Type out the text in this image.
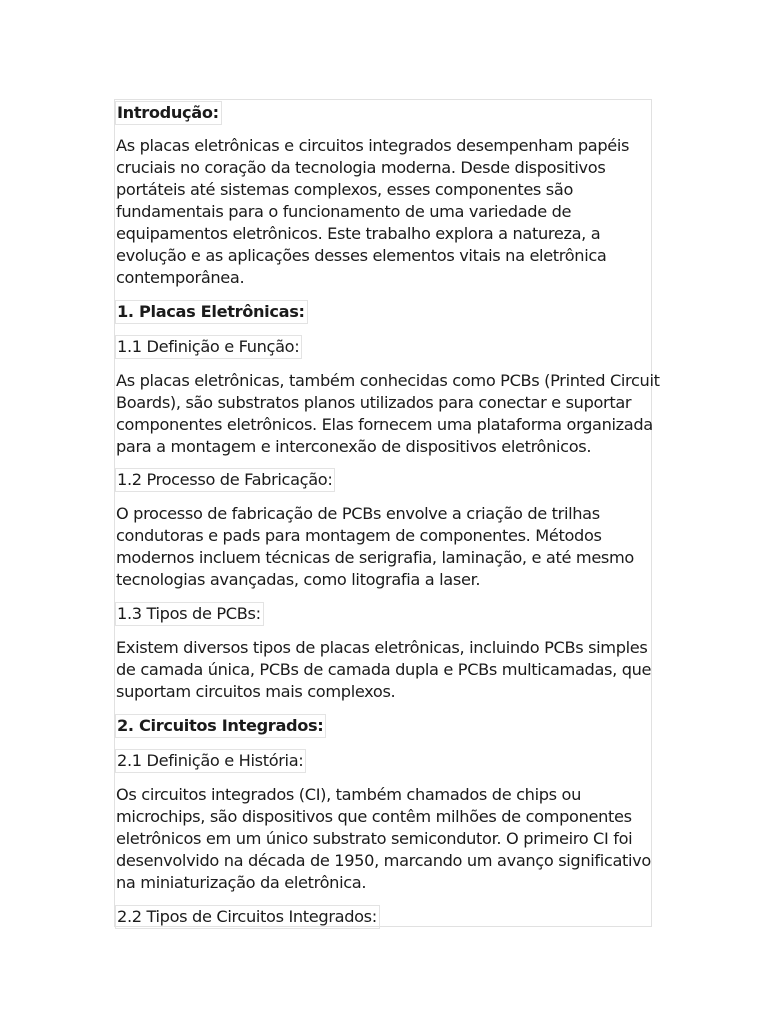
Introdução:
As placas eletrônicas e circuitos integrados desempenham papéis
cruciais no coração da tecnologia moderna. Desde dispositivos
portáteis até sistemas complexos, esses componentes são
fundamentais para o funcionamento de uma variedade de
equipamentos eletrônicos. Este trabalho explora a natureza, a
evolução e as aplicações desses elementos vitais na eletrônica
contemporânea.
1. Placas Eletrônicas:
1.1 Definição e Função:
As placas eletrônicas, também conhecidas como PCBs (Printed Circuit
Boards), são substratos planos utilizados para conectar e suportar
componentes eletrônicos. Elas fornecem uma plataforma organizada
para a montagem e interconexão de dispositivos eletrônicos.
1.2 Processo de Fabricação:
O processo de fabricação de PCBs envolve a criação de trilhas
condutoras e pads para montagem de componentes. Métodos
modernos incluem técnicas de serigrafia, laminação, e até mesmo
tecnologias avançadas, como litografia a laser.
1.3 Tipos de PCBs:
Existem diversos tipos de placas eletrônicas, incluindo PCBs simples
de camada única, PCBs de camada dupla e PCBs multicamadas, que
suportam circuitos mais complexos.
2. Circuitos Integrados:
2.1 Definição e História:
Os circuitos integrados (CI), também chamados de chips ou
microchips, são dispositivos que contêm milhões de componentes
eletrônicos em um único substrato semicondutor. O primeiro CI foi
desenvolvido na década de 1950, marcando um avanço significativo
na miniaturização da eletrônica.
2.2 Tipos de Circuitos Integrados:
